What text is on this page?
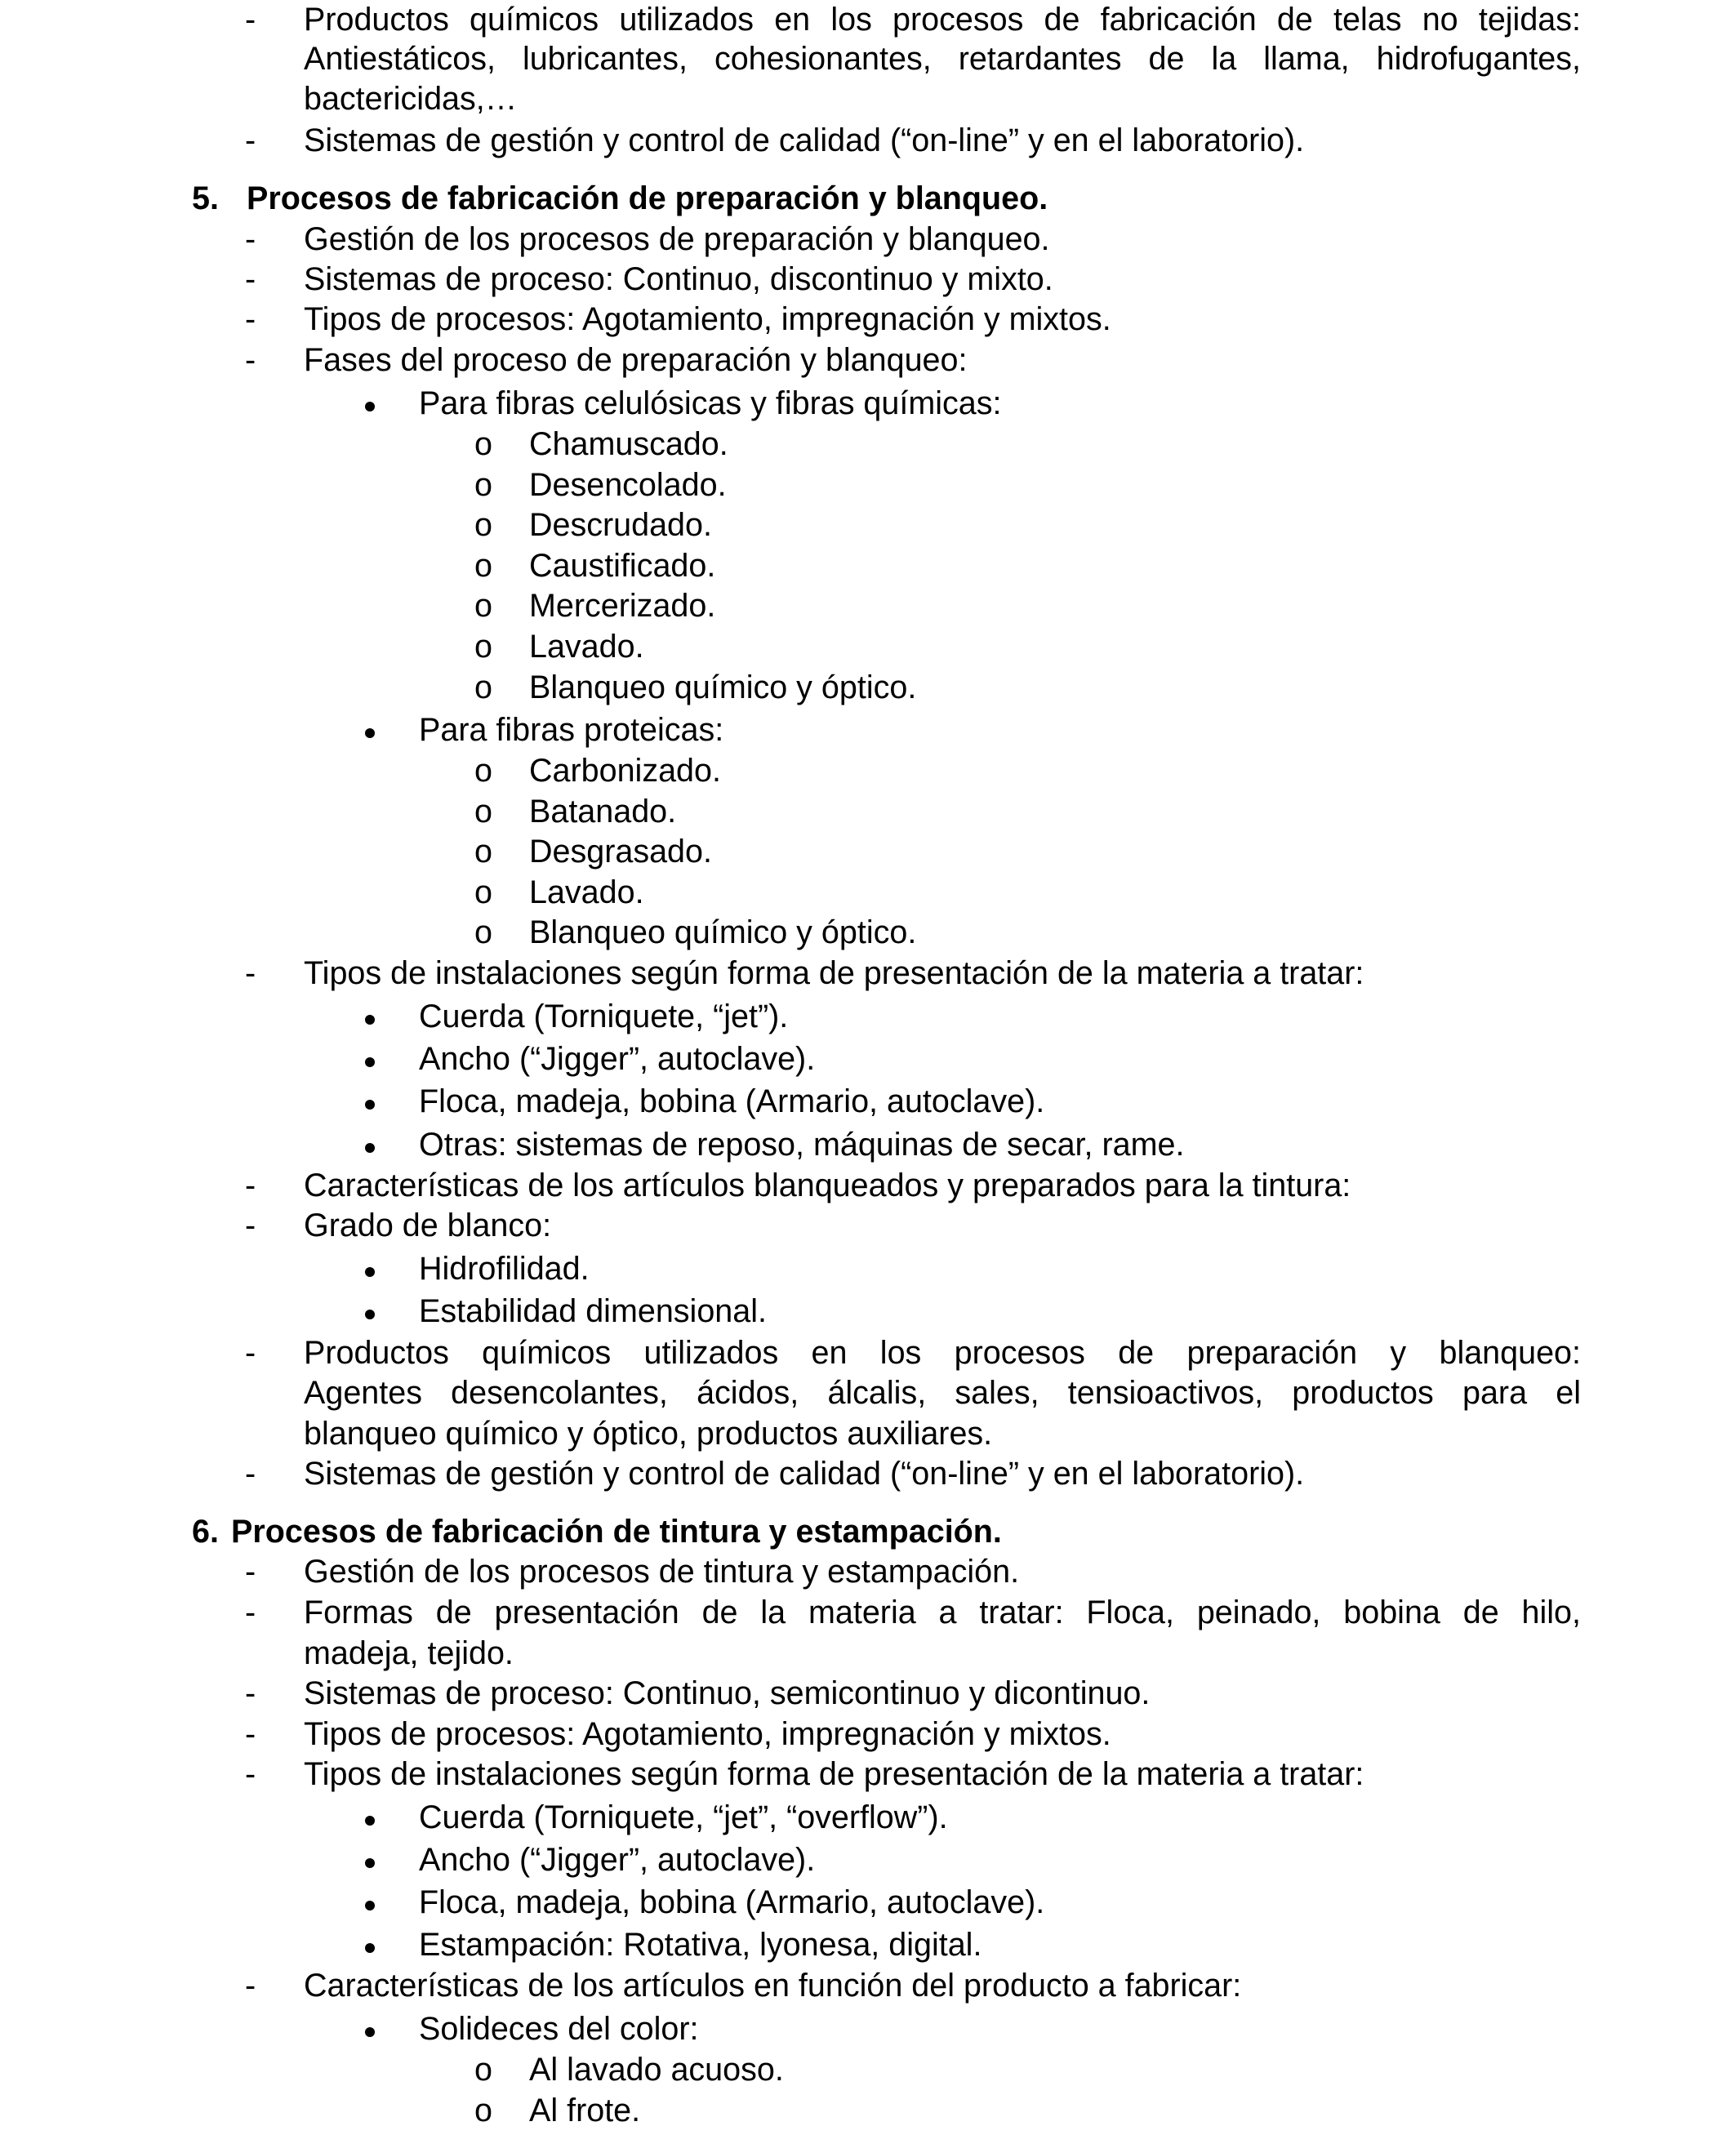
- Productos químicos utilizados en los procesos de fabricación de telas no tejidas:
Antiestáticos, lubricantes, cohesionantes, retardantes de la llama, hidrofugantes,
bactericidas,…
- Sistemas de gestión y control de calidad (“on-line” y en el laboratorio).
5. Procesos de fabricación de preparación y blanqueo.
- Gestión de los procesos de preparación y blanqueo.
- Sistemas de proceso: Continuo, discontinuo y mixto.
- Tipos de procesos: Agotamiento, impregnación y mixtos.
- Fases del proceso de preparación y blanqueo:
Para fibras celulósicas y fibras químicas:
o Chamuscado.
o Desencolado.
o Descrudado.
o Caustificado.
o Mercerizado.
o Lavado.
o Blanqueo químico y óptico.
Para fibras proteicas:
o Carbonizado.
o Batanado.
o Desgrasado.
o Lavado.
o Blanqueo químico y óptico.
- Tipos de instalaciones según forma de presentación de la materia a tratar:
Cuerda (Torniquete, “jet”).
Ancho (“Jigger”, autoclave).
Floca, madeja, bobina (Armario, autoclave).
Otras: sistemas de reposo, máquinas de secar, rame.
- Características de los artículos blanqueados y preparados para la tintura:
- Grado de blanco:
Hidrofilidad.
Estabilidad dimensional.
- Productos químicos utilizados en los procesos de preparación y blanqueo:
Agentes desencolantes, ácidos, álcalis, sales, tensioactivos, productos para el
blanqueo químico y óptico, productos auxiliares.
- Sistemas de gestión y control de calidad (“on-line” y en el laboratorio).
6. Procesos de fabricación de tintura y estampación.
- Gestión de los procesos de tintura y estampación.
- Formas de presentación de la materia a tratar: Floca, peinado, bobina de hilo,
madeja, tejido.
- Sistemas de proceso: Continuo, semicontinuo y dicontinuo.
- Tipos de procesos: Agotamiento, impregnación y mixtos.
- Tipos de instalaciones según forma de presentación de la materia a tratar:
Cuerda (Torniquete, “jet”, “overflow”).
Ancho (“Jigger”, autoclave).
Floca, madeja, bobina (Armario, autoclave).
Estampación: Rotativa, lyonesa, digital.
- Características de los artículos en función del producto a fabricar:
Solideces del color:
o Al lavado acuoso.
o Al frote.
